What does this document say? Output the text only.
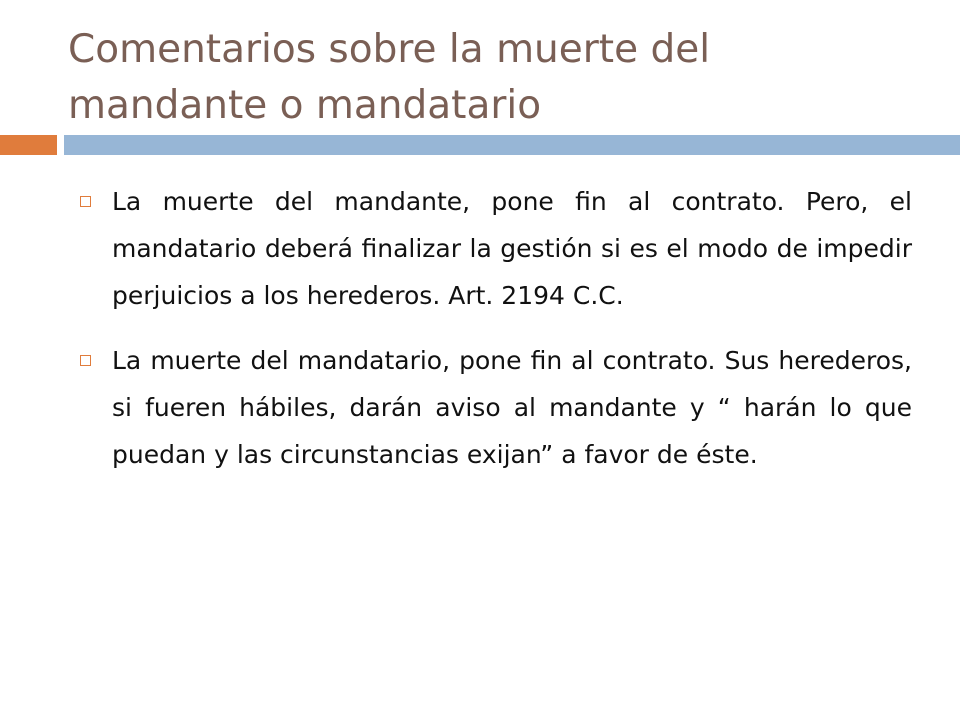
Comentarios sobre la muerte del
mandante o mandatario
La muerte del mandante, pone fin al contrato. Pero, el mandatario deberá finalizar la gestión si es el modo de impedir perjuicios a los herederos. Art. 2194 C.C.
La muerte del mandatario, pone fin al contrato. Sus herederos, si fueren hábiles, darán aviso al mandante y “ harán lo que puedan y las circunstancias exijan” a favor de éste.
